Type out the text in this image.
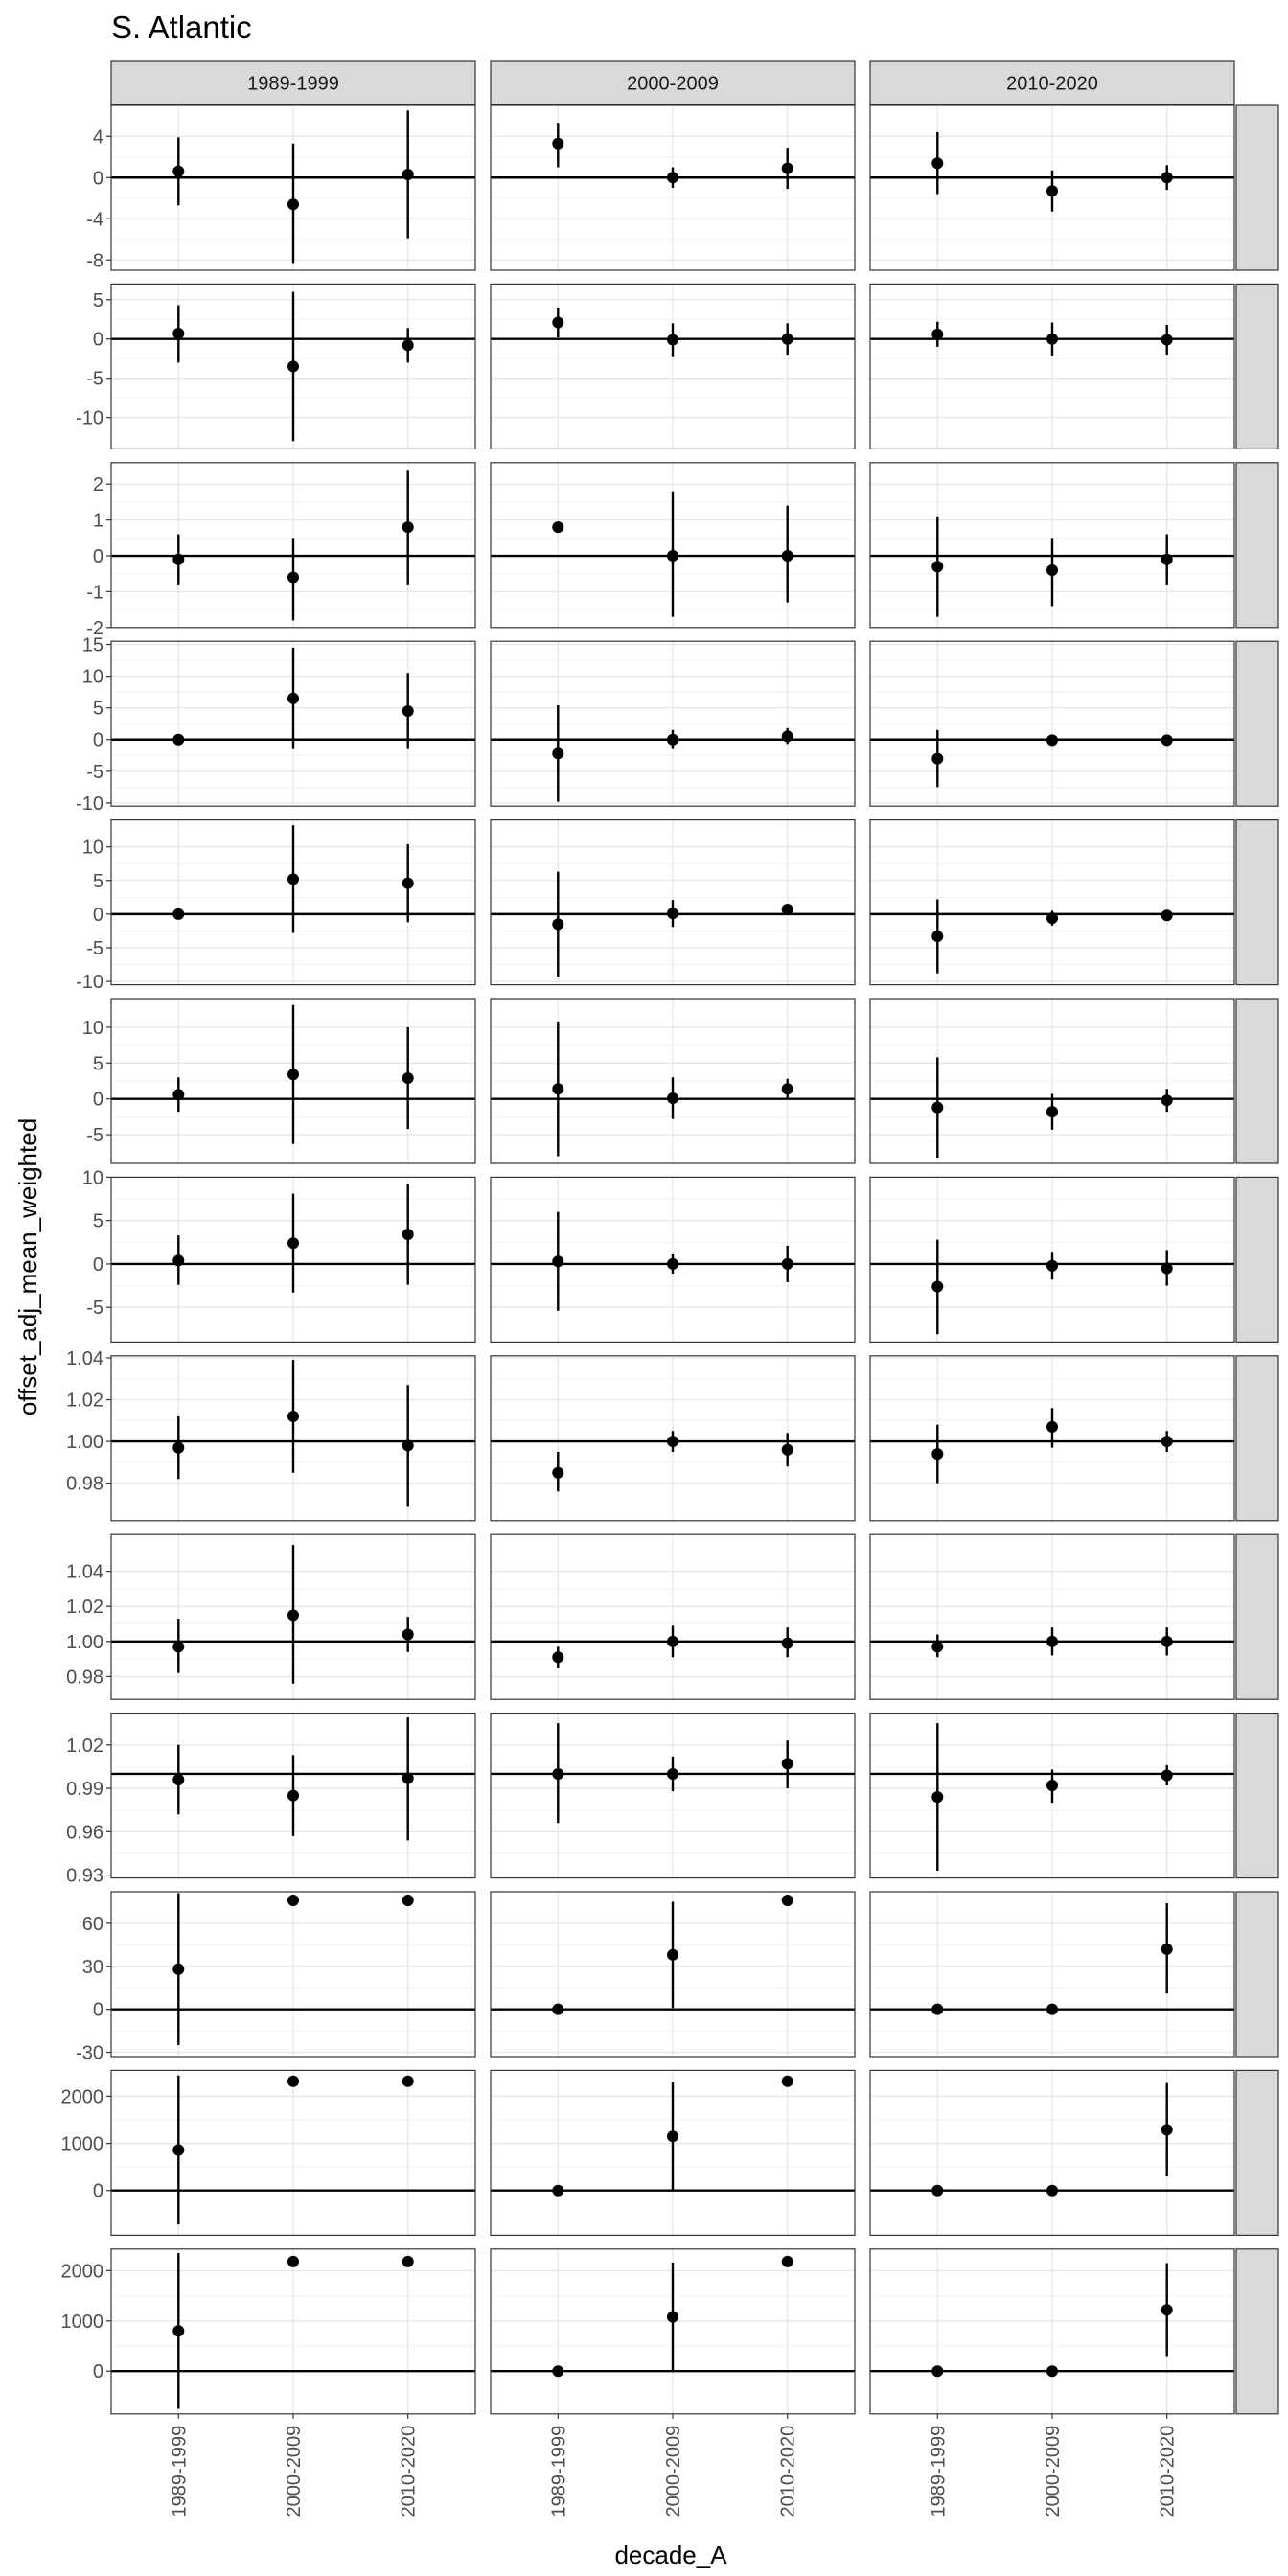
S. Atlantic
offset_adj_mean_weighted
decade_A
1989-1999	2000-2009	2010-2020
4
0
-4
-8
5
0
-5
-10
2
1
0
-1
-2
15
10
5
0
-5
-10
10
5
0
-5
-10
10
5
0
-5
10
5
0
-5
1.04
1.02
1.00
0.98
1.04
1.02
1.00
0.98
1.02
0.99
0.96
0.93
60
30
0
-30
2000
1000
0
2000
1000
0
1989-1999	2000-2009	2010-2020	1989-1999	2000-2009	2010-2020	1989-1999	2000-2009	2010-2020
